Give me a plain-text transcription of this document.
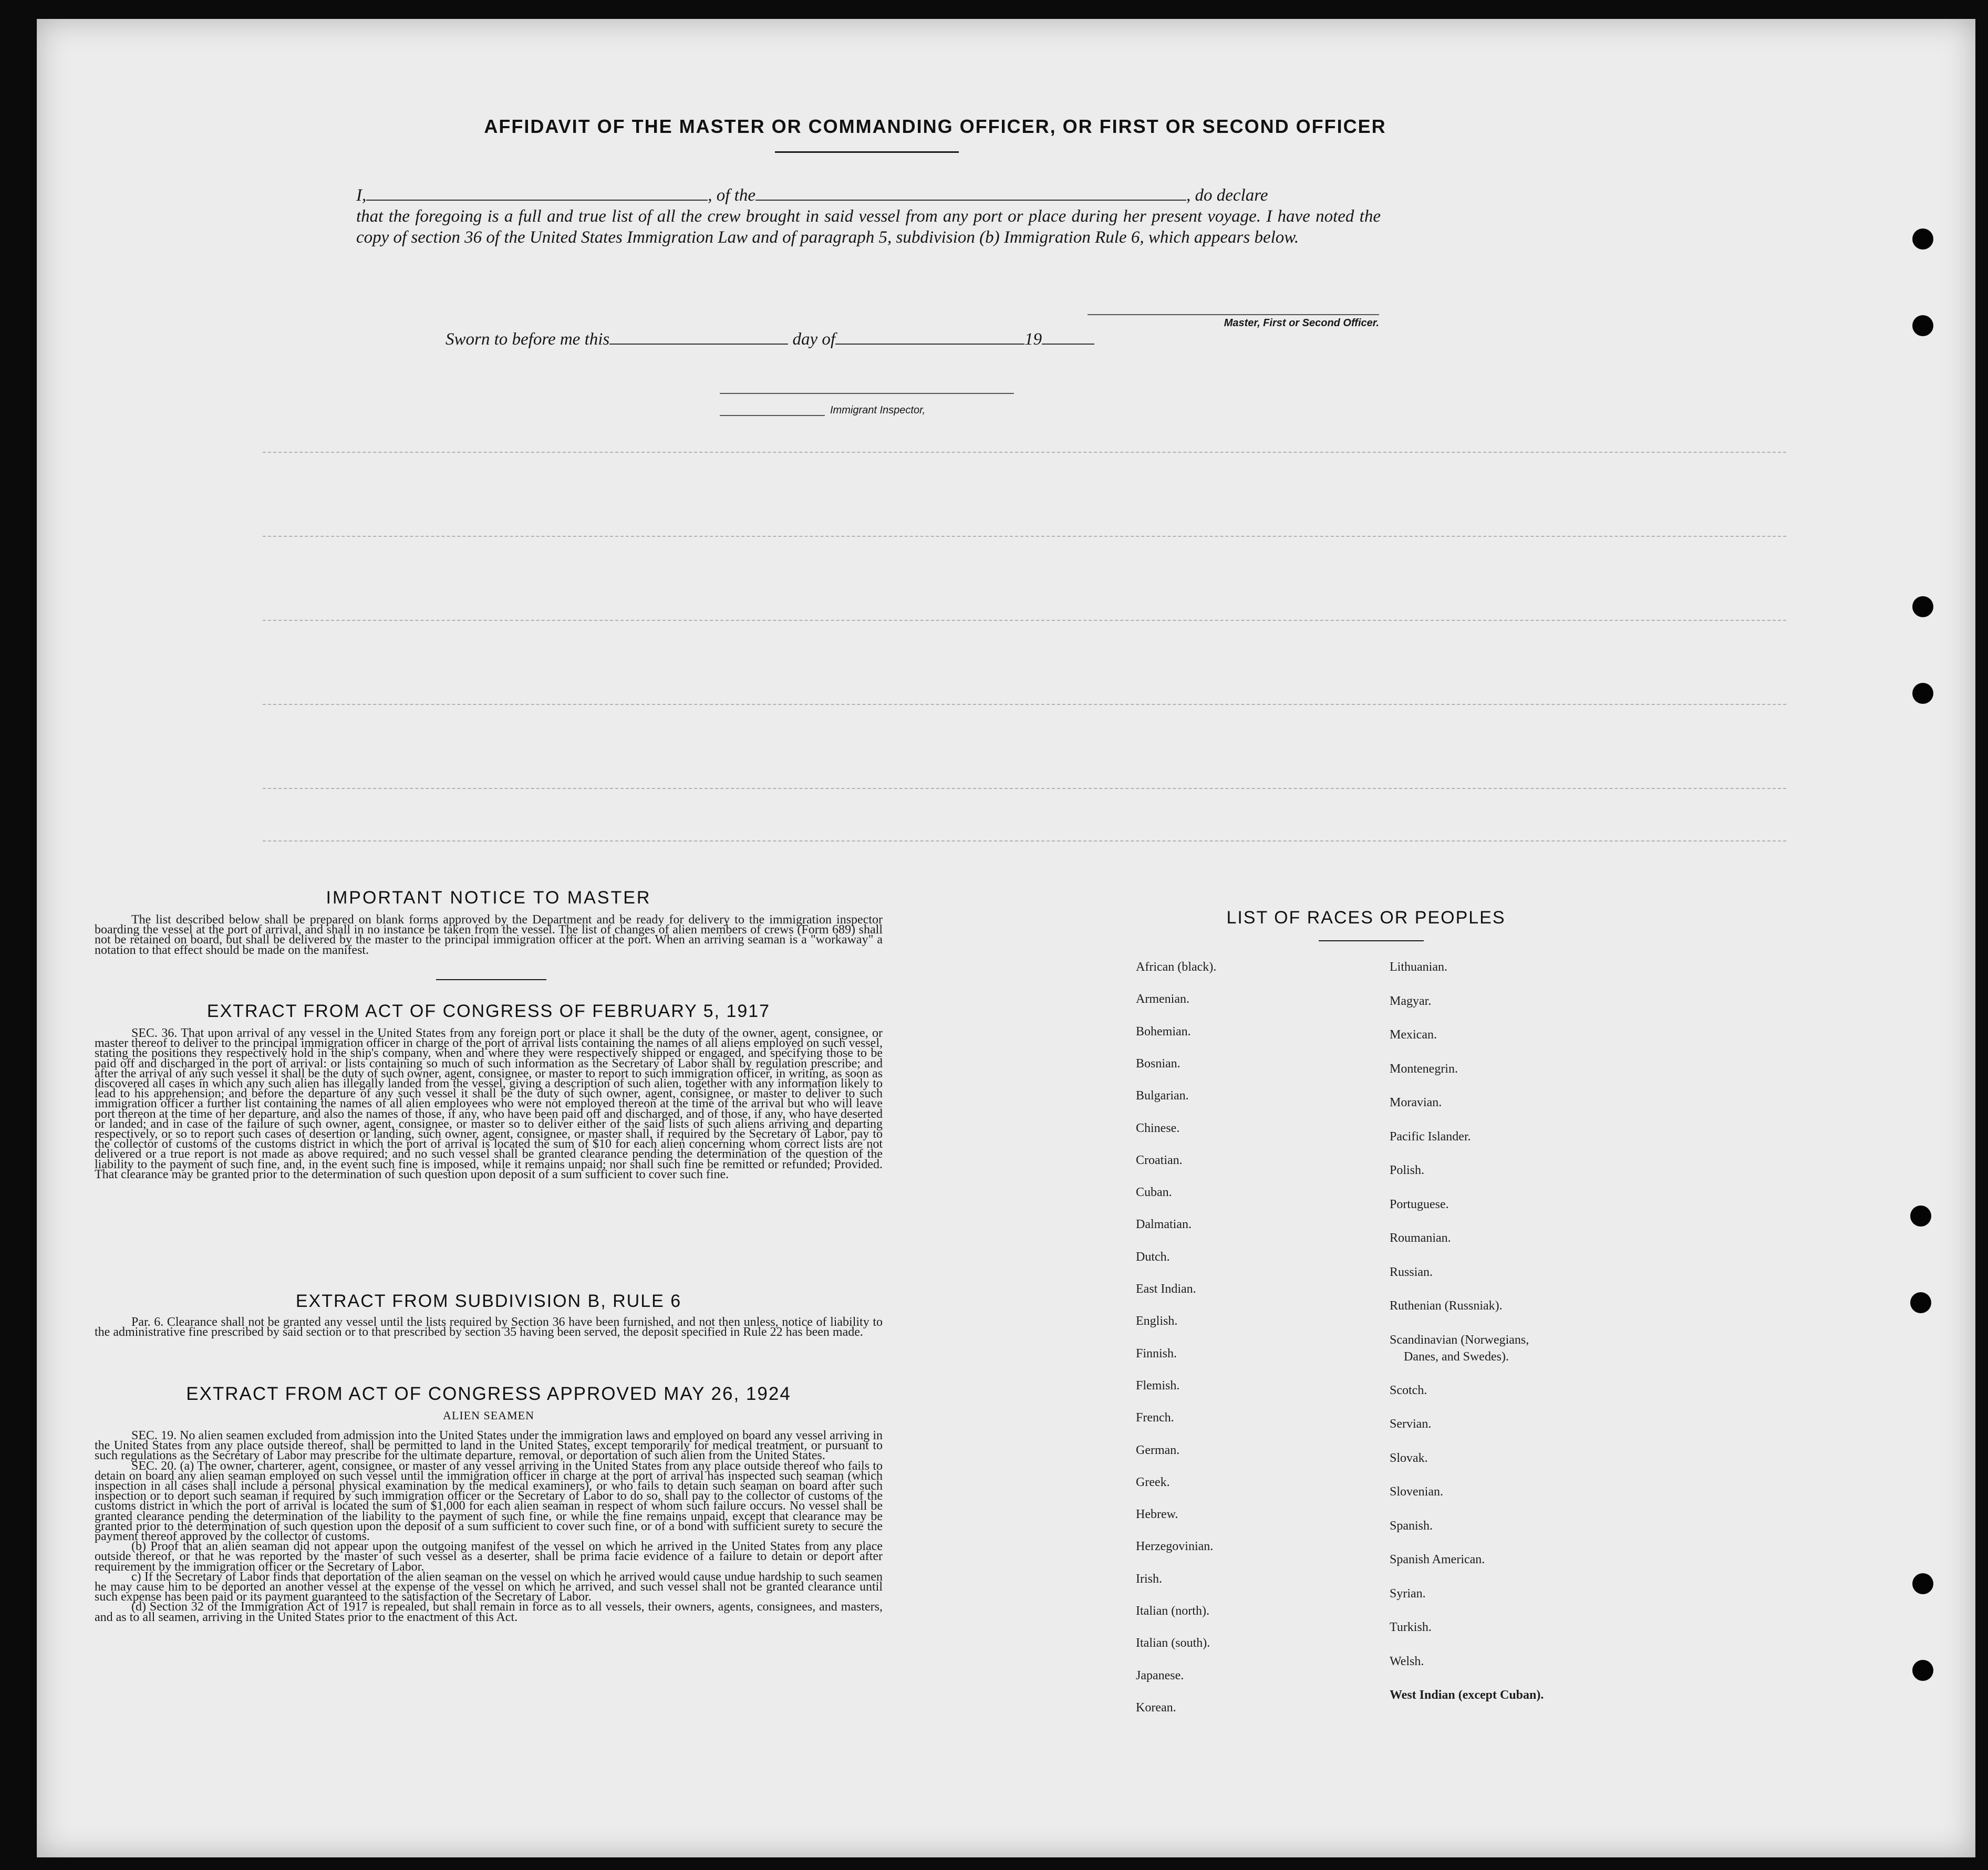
AFFIDAVIT OF THE MASTER OR COMMANDING OFFICER, OR FIRST OR SECOND OFFICER
I,	, of the	, do declare
that the foregoing is a full and true list of all the crew brought in said vessel from any port or place during her present voyage. I have noted the copy of section 36 of the United States Immigration Law and of paragraph 5, subdivision (b) Immigration Rule 6, which appears below.
Master, First or Second Officer.
Sworn to before me this	day of	19
Immigrant Inspector,
IMPORTANT NOTICE TO MASTER

The list described below shall be prepared on blank forms approved by the Department and be ready for delivery to the immigration inspector boarding the vessel at the port of arrival, and shall in no instance be taken from the vessel. The list of changes of alien members of crews (Form 689) shall not be retained on board, but shall be delivered by the master to the principal immigration officer at the port. When an arriving seaman is a "workaway" a notation to that effect should be made on the manifest.

EXTRACT FROM ACT OF CONGRESS OF FEBRUARY 5, 1917

SEC. 36. That upon arrival of any vessel in the United States from any foreign port or place it shall be the duty of the owner, agent, consignee, or master thereof to deliver to the principal immigration officer in charge of the port of arrival lists containing the names of all aliens employed on such vessel, stating the positions they respectively hold in the ship's company, when and where they were respectively shipped or engaged, and specifying those to be paid off and discharged in the port of arrival: or lists containing so much of such information as the Secretary of Labor shall by regulation prescribe; and after the arrival of any such vessel it shall be the duty of such owner, agent, consignee, or master to report to such immigration officer, in writing, as soon as discovered all cases in which any such alien has illegally landed from the vessel, giving a description of such alien, together with any information likely to lead to his apprehension; and before the departure of any such vessel it shall be the duty of such owner, agent, consignee, or master to deliver to such immigration officer a further list containing the names of all alien employees who were not employed thereon at the time of the arrival but who will leave port thereon at the time of her departure, and also the names of those, if any, who have been paid off and discharged, and of those, if any, who have deserted or landed; and in case of the failure of such owner, agent, consignee, or master so to deliver either of the said lists of such aliens arriving and departing respectively, or so to report such cases of desertion or landing, such owner, agent, consignee, or master shall, if required by the Secretary of Labor, pay to the collector of customs of the customs district in which the port of arrival is located the sum of $10 for each alien concerning whom correct lists are not delivered or a true report is not made as above required; and no such vessel shall be granted clearance pending the determination of the question of the liability to the payment of such fine, and, in the event such fine is imposed, while it remains unpaid; nor shall such fine be remitted or refunded; Provided. That clearance may be granted prior to the determination of such question upon deposit of a sum sufficient to cover such fine.

EXTRACT FROM SUBDIVISION B, RULE 6

Par. 6. Clearance shall not be granted any vessel until the lists required by Section 36 have been furnished, and not then unless, notice of liability to the administrative fine prescribed by said section or to that prescribed by section 35 having been served, the deposit specified in Rule 22 has been made.

EXTRACT FROM ACT OF CONGRESS APPROVED MAY 26, 1924
ALIEN SEAMEN

SEC. 19. No alien seamen excluded from admission into the United States under the immigration laws and employed on board any vessel arriving in the United States from any place outside thereof, shall be permitted to land in the United States, except temporarily for medical treatment, or pursuant to such regulations as the Secretary of Labor may prescribe for the ultimate departure, removal, or deportation of such alien from the United States.

SEC. 20. (a) The owner, charterer, agent, consignee, or master of any vessel arriving in the United States from any place outside thereof who fails to detain on board any alien seaman employed on such vessel until the immigration officer in charge at the port of arrival has inspected such seaman (which inspection in all cases shall include a personal physical examination by the medical examiners), or who fails to detain such seaman on board after such inspection or to deport such seaman if required by such immigration officer or the Secretary of Labor to do so, shall pay to the collector of customs of the customs district in which the port of arrival is located the sum of $1,000 for each alien seaman in respect of whom such failure occurs. No vessel shall be granted clearance pending the determination of the liability to the payment of such fine, or while the fine remains unpaid, except that clearance may be granted prior to the determination of such question upon the deposit of a sum sufficient to cover such fine, or of a bond with sufficient surety to secure the payment thereof approved by the collector of customs.

(b) Proof that an alien seaman did not appear upon the outgoing manifest of the vessel on which he arrived in the United States from any place outside thereof, or that he was reported by the master of such vessel as a deserter, shall be prima facie evidence of a failure to detain or deport after requirement by the immigration officer or the Secretary of Labor.

c) If the Secretary of Labor finds that deportation of the alien seaman on the vessel on which he arrived would cause undue hardship to such seamen he may cause him to be deported an another vessel at the expense of the vessel on which he arrived, and such vessel shall not be granted clearance until such expense has been paid or its payment guaranteed to the satisfaction of the Secretary of Labor.

(d) Section 32 of the Immigration Act of 1917 is repealed, but shall remain in force as to all vessels, their owners, agents, consignees, and masters, and as to all seamen, arriving in the United States prior to the enactment of this Act.

LIST OF RACES OR PEOPLES
African (black).
Armenian.
Bohemian.
Bosnian.
Bulgarian.
Chinese.
Croatian.
Cuban.
Dalmatian.
Dutch.
East Indian.
English.
Finnish.
Flemish.
French.
German.
Greek.
Hebrew.
Herzegovinian.
Irish.
Italian (north).
Italian (south).
Japanese.
Korean.
Lithuanian.
Magyar.
Mexican.
Montenegrin.
Moravian.
Pacific Islander.
Polish.
Portuguese.
Roumanian.
Russian.
Ruthenian (Russniak).
Scandinavian (Norwegians,
Danes, and Swedes).
Scotch.
Servian.
Slovak.
Slovenian.
Spanish.
Spanish American.
Syrian.
Turkish.
Welsh.
West Indian (except Cuban).
